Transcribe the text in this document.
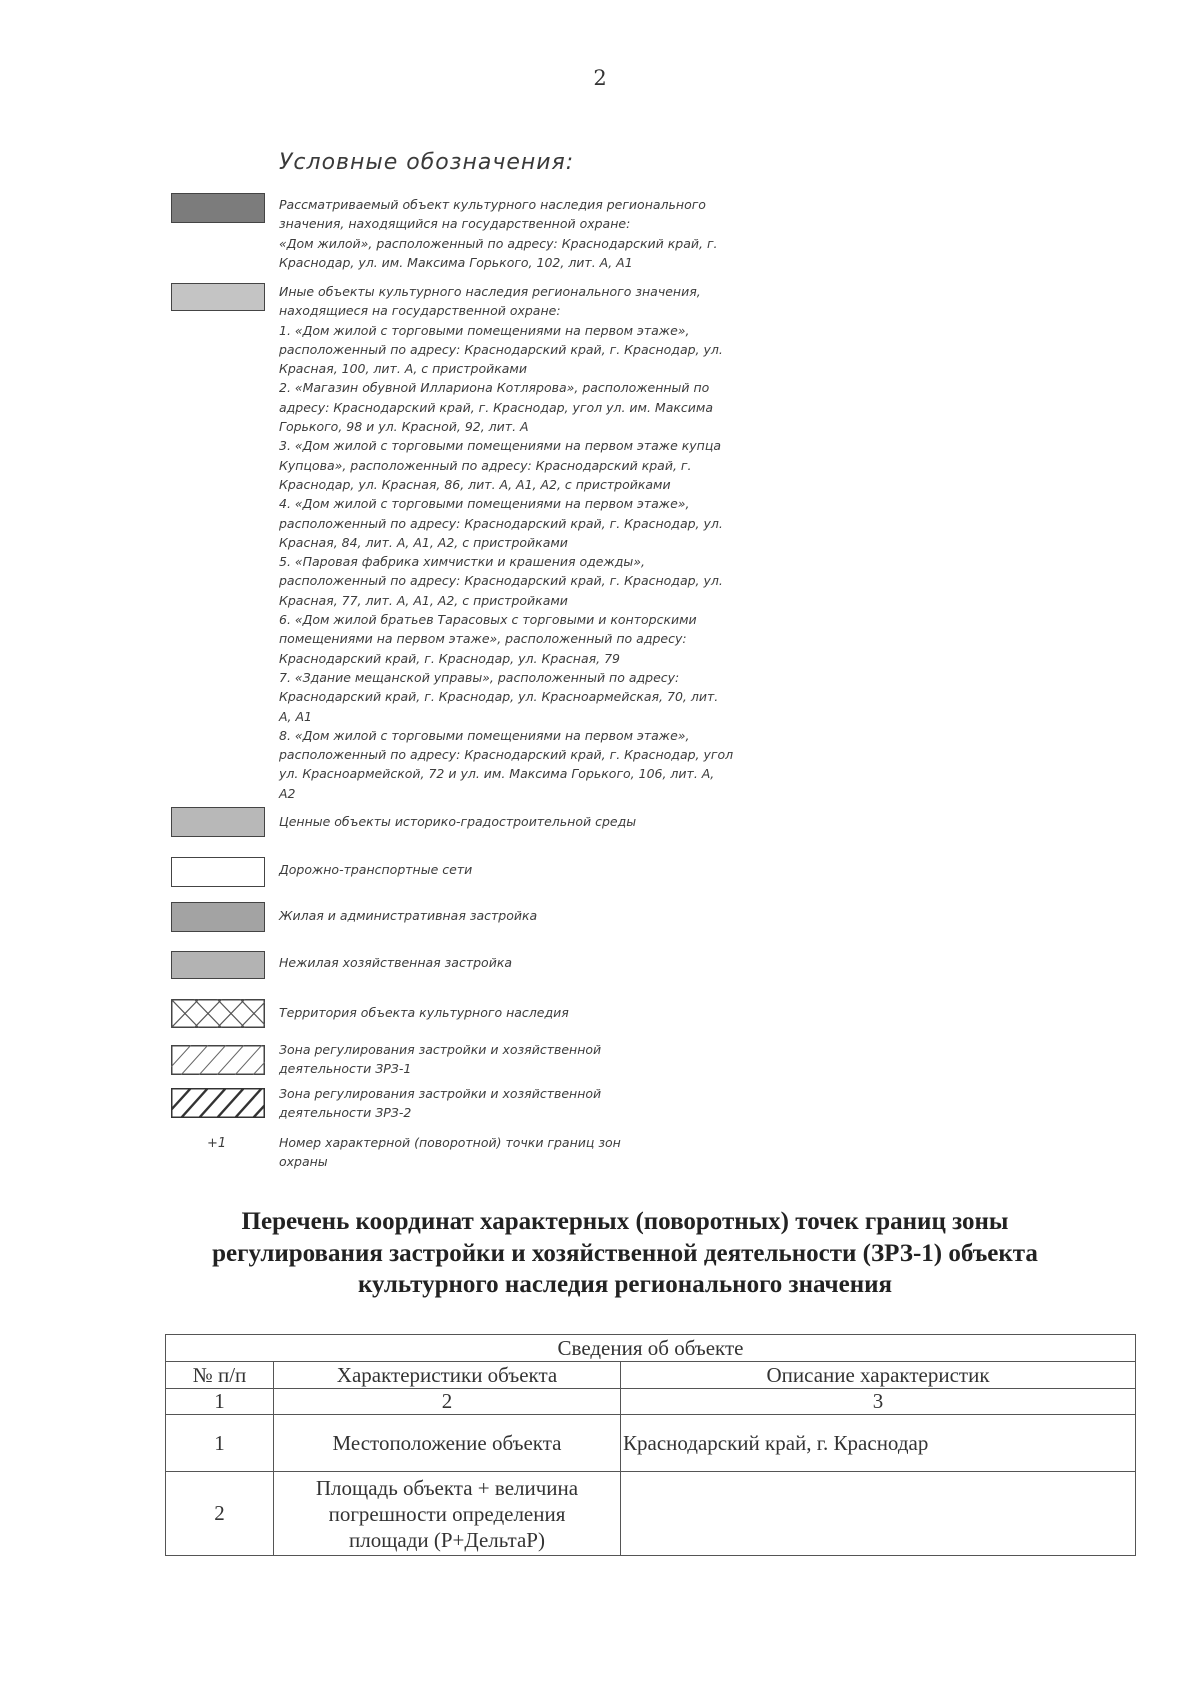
2
Условные обозначения:
+1
Рассматриваемый объект культурного наследия регионального
значения, находящийся на государственной охране:
«Дом жилой», расположенный по адресу: Краснодарский край, г.
Краснодар, ул. им. Максима Горького, 102, лит. А, А1
Иные объекты культурного наследия регионального значения,
находящиеся на государственной охране:
1. «Дом жилой с торговыми помещениями на первом этаже»,
расположенный по адресу: Краснодарский край, г. Краснодар, ул.
Красная, 100, лит. А, с пристройками
2. «Магазин обувной Иллариона Котлярова», расположенный по
адресу: Краснодарский край, г. Краснодар, угол ул. им. Максима
Горького, 98 и ул. Красной, 92, лит. А
3. «Дом жилой с торговыми помещениями на первом этаже купца
Купцова», расположенный по адресу: Краснодарский край, г.
Краснодар, ул. Красная, 86, лит. А, А1, А2, с пристройками
4. «Дом жилой с торговыми помещениями на первом этаже»,
расположенный по адресу: Краснодарский край, г. Краснодар, ул.
Красная, 84, лит. А, А1, А2, с пристройками
5. «Паровая фабрика химчистки и крашения одежды»,
расположенный по адресу: Краснодарский край, г. Краснодар, ул.
Красная, 77, лит. А, А1, А2, с пристройками
6. «Дом жилой братьев Тарасовых с торговыми и конторскими
помещениями на первом этаже», расположенный по адресу:
Краснодарский край, г. Краснодар, ул. Красная, 79
7. «Здание мещанской управы», расположенный по адресу:
Краснодарский край, г. Краснодар, ул. Красноармейская, 70, лит.
А, А1
8. «Дом жилой с торговыми помещениями на первом этаже»,
расположенный по адресу: Краснодарский край, г. Краснодар, угол
ул. Красноармейской, 72 и ул. им. Максима Горького, 106, лит. А,
А2
Ценные объекты историко-градостроительной среды
Дорожно-транспортные сети
Жилая и административная застройка
Нежилая хозяйственная застройка
Территория объекта культурного наследия
Зона регулирования застройки и хозяйственной
деятельности ЗРЗ-1
Зона регулирования застройки и хозяйственной
деятельности ЗРЗ-2
Номер характерной (поворотной) точки границ зон
охраны
Перечень координат характерных (поворотных) точек границ зоны
регулирования застройки и хозяйственной деятельности (ЗРЗ-1) объекта
культурного наследия регионального значения
Сведения об объекте		
№ п/п	Характеристики объекта	Описание характеристик
1	2	3
1	Местоположение объекта	Краснодарский край, г. Краснодар
2	Площадь объекта + величина
погрешности определения
площади (Р+ДельтаР)	
